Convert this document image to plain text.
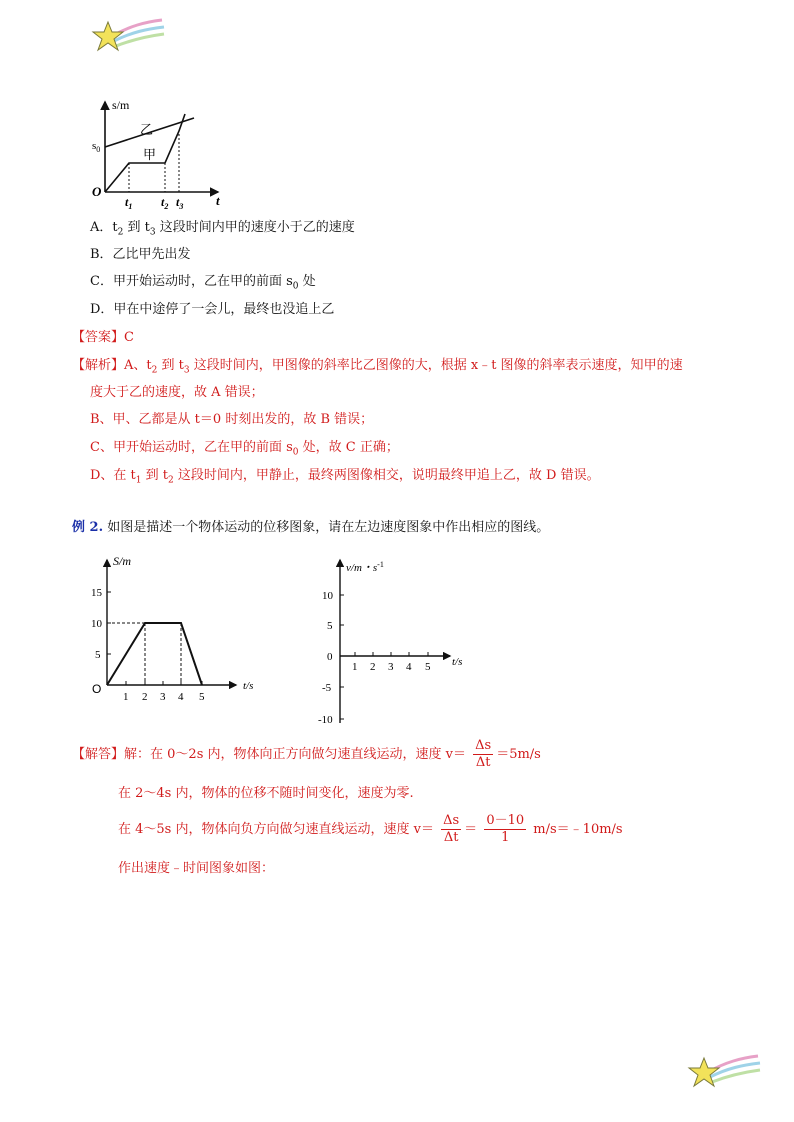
s/m
乙
甲
$s_0$
O
t
$t_1$ $t_2$ $t_3$
A．$t_2$ 到 $t_3$ 这段时间内甲的速度小于乙的速度
B．乙比甲先出发
C．甲开始运动时，乙在甲的前面 $s_0$ 处
D．甲在中途停了一会儿，最终也没追上乙
【答案】C
【解析】A、$t_2$ 到 $t_3$ 这段时间内，甲图像的斜率比乙图像的大，根据 x﹣t 图像的斜率表示速度，知甲的速
度大于乙的速度，故 A 错误；
B、甲、乙都是从 t＝0 时刻出发的，故 B 错误；
C、甲开始运动时，乙在甲的前面 $s_0$ 处，故 C 正确；
D、在 $t_1$ 到 $t_2$ 这段时间内，甲静止，最终两图像相交，说明最终甲追上乙，故 D 错误。
例 2. 如图是描述一个物体运动的位移图象，请在左边速度图象中作出相应的图线。
S/m
15
10
5
O
1 2 3 4 5
t/s
v/m・$s^{-1}$
10
5
0
-5
-10
1 2 3 4 5 t/s
【解答】解：在 0～2s 内，物体向正方向做匀速直线运动，速度 $v= \frac{\Delta s}{\Delta t} =5m/s$
在 2～4s 内，物体的位移不随时间变化，速度为零.
在 4～5s 内，物体向负方向做匀速直线运动，速度 $v= \frac{\Delta s}{\Delta t} = \frac{0-10}{1}$ m/s＝﹣10m/s
作出速度﹣时间图象如图：
